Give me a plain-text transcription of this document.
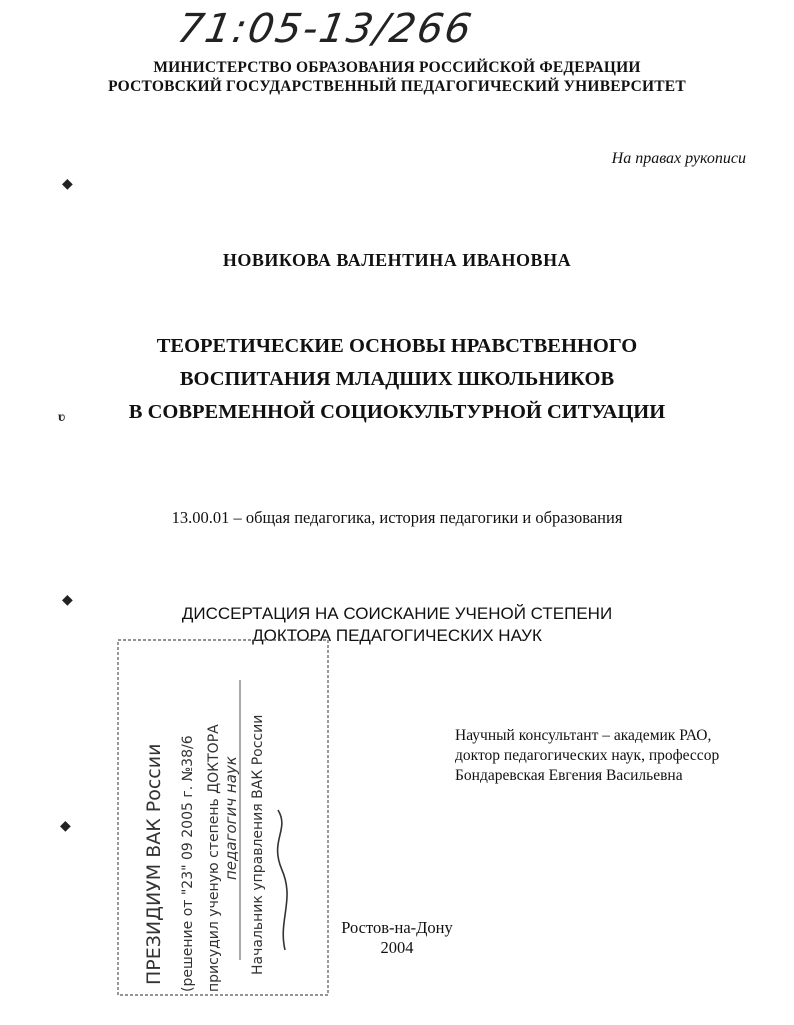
71:05-13/266
МИНИСТЕРСТВО ОБРАЗОВАНИЯ РОССИЙСКОЙ ФЕДЕРАЦИИ
РОСТОВСКИЙ ГОСУДАРСТВЕННЫЙ ПЕДАГОГИЧЕСКИЙ УНИВЕРСИТЕТ
На правах рукописи
◆
ʋ
◆
◆
НОВИКОВА ВАЛЕНТИНА ИВАНОВНА
ТЕОРЕТИЧЕСКИЕ ОСНОВЫ НРАВСТВЕННОГО
ВОСПИТАНИЯ МЛАДШИХ ШКОЛЬНИКОВ
В СОВРЕМЕННОЙ СОЦИОКУЛЬТУРНОЙ СИТУАЦИИ
13.00.01 – общая педагогика, история педагогики и образования
ДИССЕРТАЦИЯ НА СОИСКАНИЕ УЧЕНОЙ СТЕПЕНИ
ДОКТОРА ПЕДАГОГИЧЕСКИХ НАУК
Научный консультант – академик РАО,
доктор педагогических наук, профессор
Бондаревская Евгения Васильевна
Ростов-на-Дону
2004
ПРЕЗИДИУМ ВАК России (решение от "23" 09 2005 г. №38/6 присудил ученую степень ДОКТОРА педагогич наук Начальник управления ВАК России
